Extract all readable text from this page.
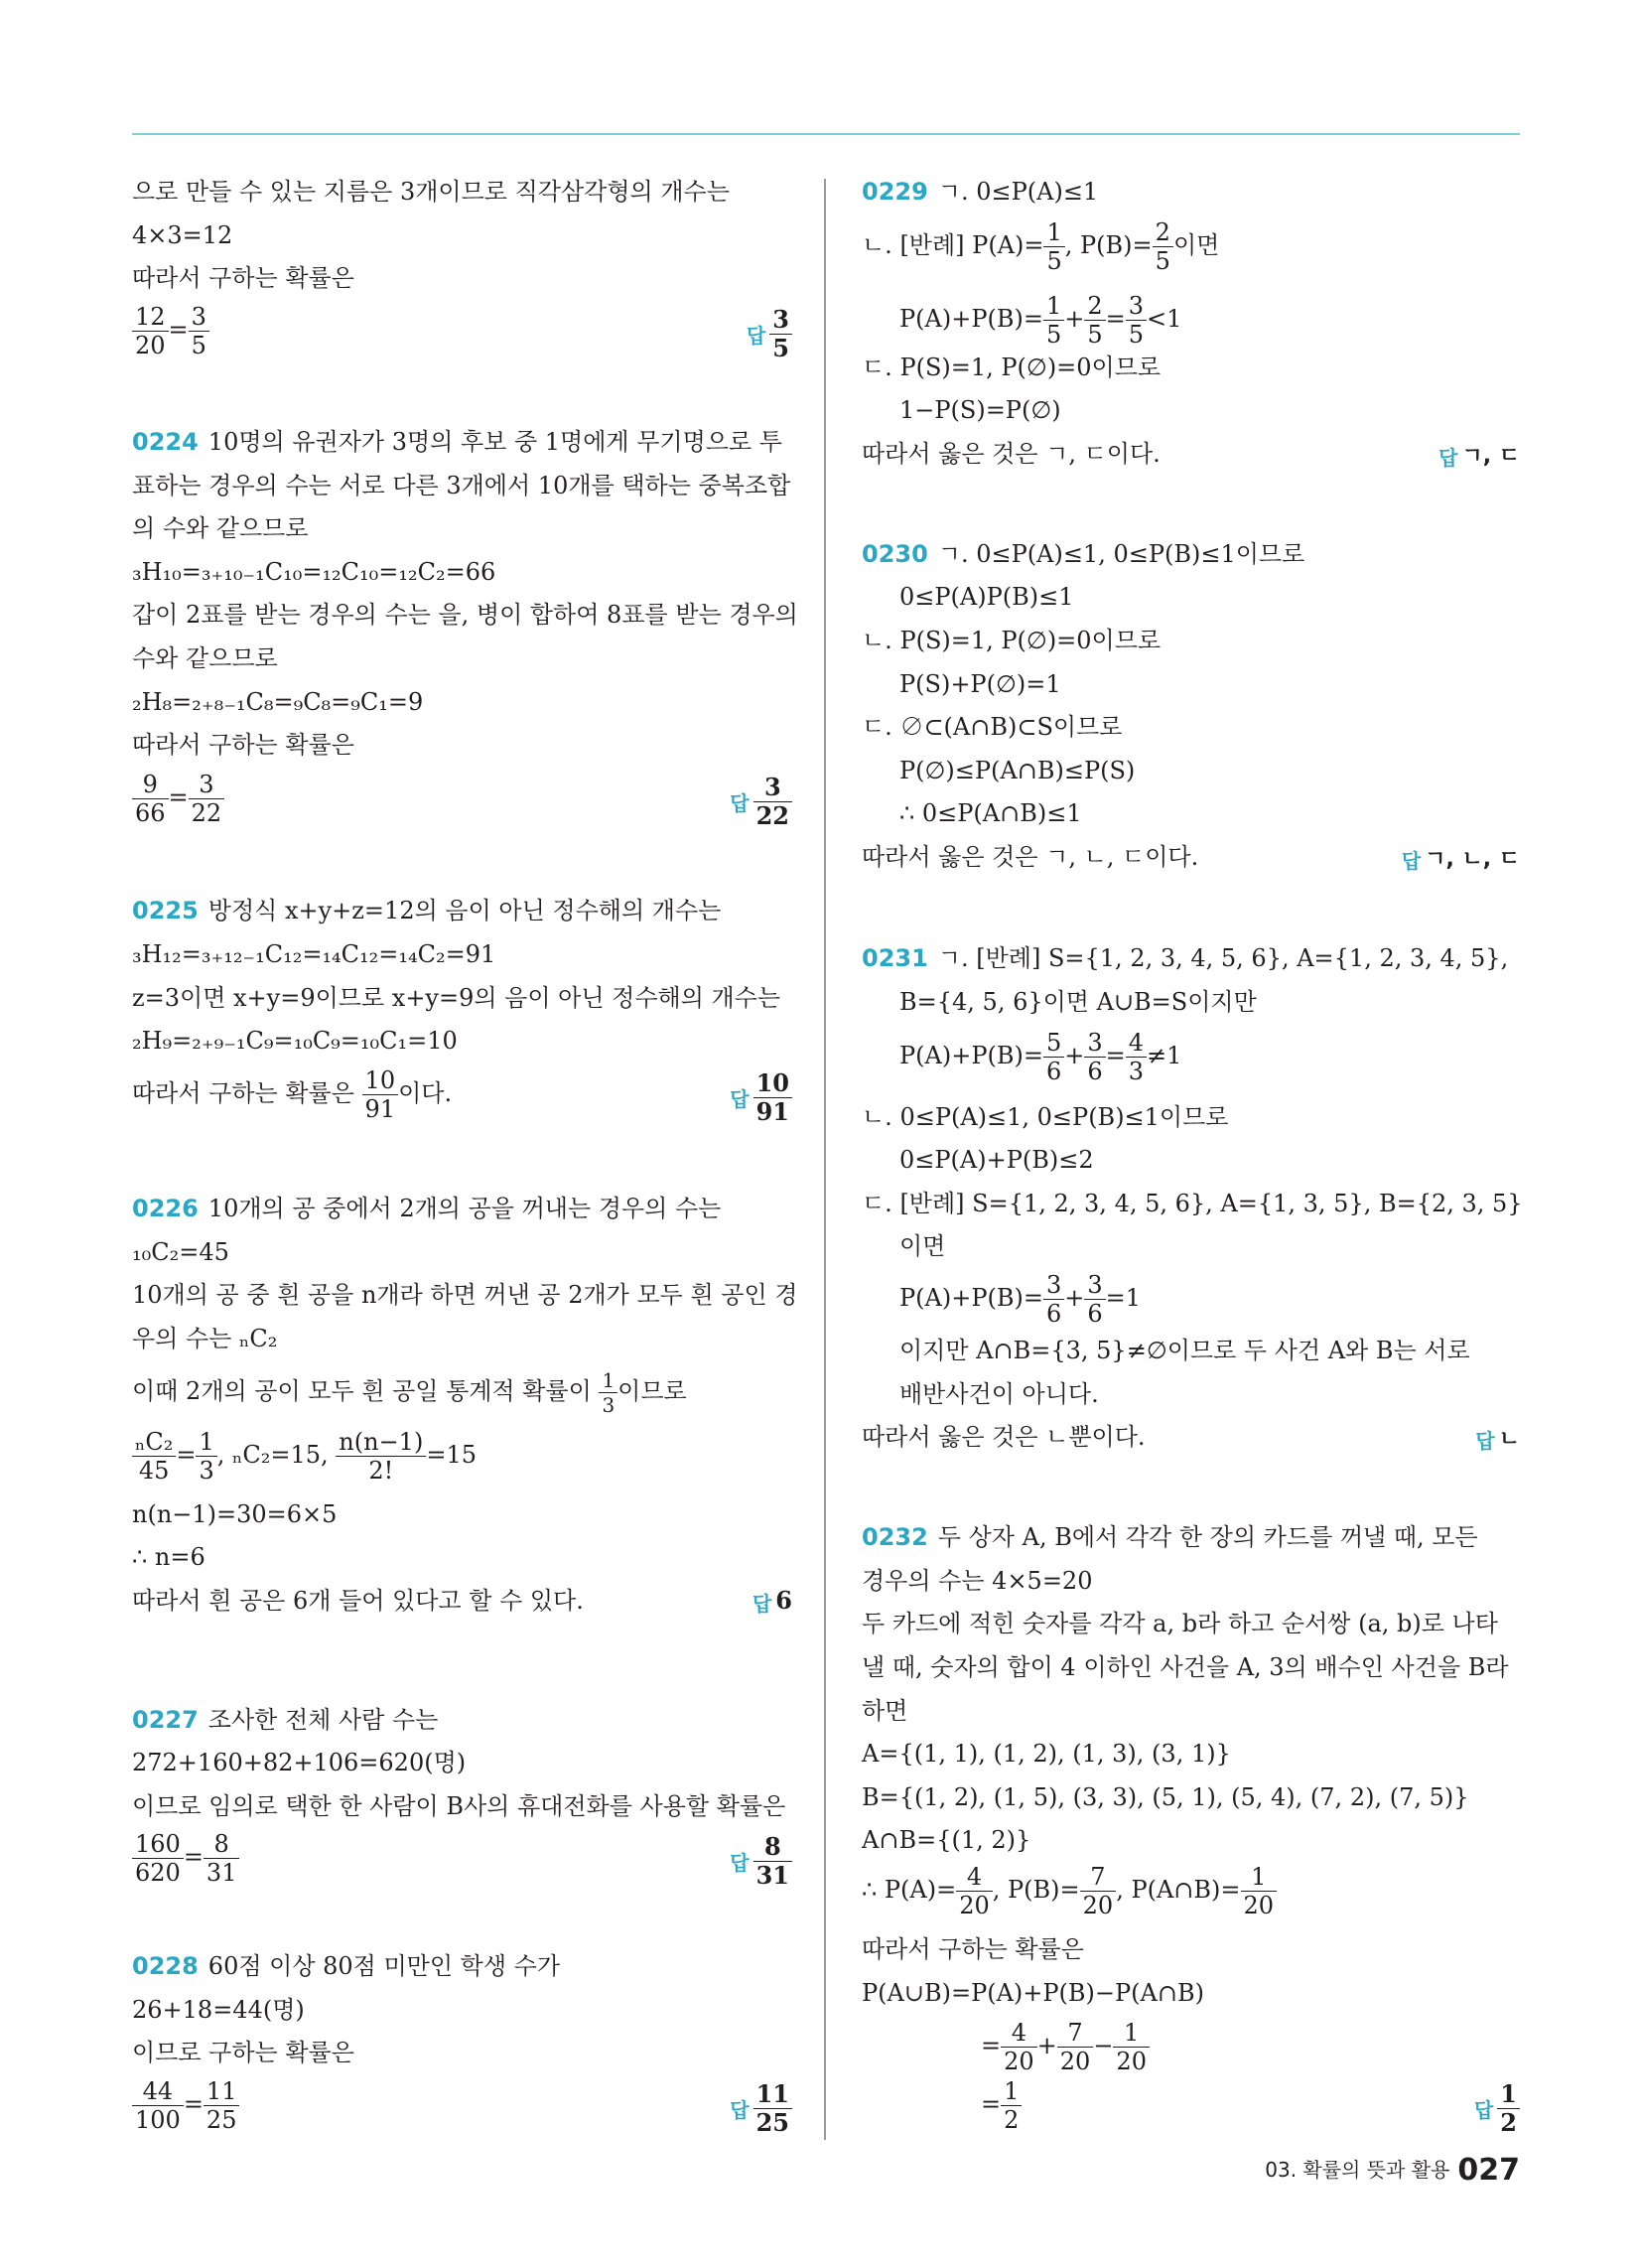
으로 만들 수 있는 지름은 3개이므로 직각삼각형의 개수는
4×3=12
따라서 구하는 확률은
$\frac{12}{20} = \frac{3}{5}$	답 $\frac{3}{5}$
0224 10명의 유권자가 3명의 후보 중 1명에게 무기명으로 투
표하는 경우의 수는 서로 다른 3개에서 10개를 택하는 중복조합
의 수와 같으므로
₃H₁₀=₃₊₁₀₋₁C₁₀=₁₂C₁₀=₁₂C₂=66
갑이 2표를 받는 경우의 수는 을, 병이 합하여 8표를 받는 경우의
수와 같으므로
₂H₈=₂₊₈₋₁C₈=₉C₈=₉C₁=9
따라서 구하는 확률은
$\frac{9}{66} = \frac{3}{22}$	답 $\frac{3}{22}$
0225 방정식 x+y+z=12의 음이 아닌 정수해의 개수는
₃H₁₂=₃₊₁₂₋₁C₁₂=₁₄C₁₂=₁₄C₂=91
z=3이면 x+y=9이므로 x+y=9의 음이 아닌 정수해의 개수는
₂H₉=₂₊₉₋₁C₉=₁₀C₉=₁₀C₁=10
따라서 구하는 확률은 $\frac{10}{91}$ 이다.	답 $\frac{10}{91}$
0226 10개의 공 중에서 2개의 공을 꺼내는 경우의 수는
₁₀C₂=45
10개의 공 중 흰 공을 n개라 하면 꺼낸 공 2개가 모두 흰 공인 경
우의 수는 ₙC₂
이때 2개의 공이 모두 흰 공일 통계적 확률이 $\frac{1}{3}$ 이므로
$\frac{\text{ₙC₂}}{45} = \frac{1}{3}$ , ₙC₂=15, $\frac{n(n-1)}{2!} =15$
n(n−1)=30=6×5
∴ n=6
따라서 흰 공은 6개 들어 있다고 할 수 있다.	답 6
0227 조사한 전체 사람 수는
272+160+82+106=620(명)
이므로 임의로 택한 한 사람이 B사의 휴대전화를 사용할 확률은
$\frac{160}{620} = \frac{8}{31}$	답 $\frac{8}{31}$
0228 60점 이상 80점 미만인 학생 수가
26+18=44(명)
이므로 구하는 확률은
$\frac{44}{100} = \frac{11}{25}$	답 $\frac{11}{25}$
0229 ㄱ. 0≤P(A)≤1
ㄴ. [반례] $P(A)= \frac{1}{5}$ , $P(B)= \frac{2}{5}$ 이면
$P(A)+P(B)= \frac{1}{5} + \frac{2}{5} = \frac{3}{5} <1$
ㄷ. P(S)=1, P(∅)=0이므로
1−P(S)=P(∅)
따라서 옳은 것은 ㄱ, ㄷ이다.	답 ㄱ, ㄷ
0230 ㄱ. 0≤P(A)≤1, 0≤P(B)≤1이므로
0≤P(A)P(B)≤1
ㄴ. P(S)=1, P(∅)=0이므로
P(S)+P(∅)=1
ㄷ. ∅⊂(A∩B)⊂S이므로
P(∅)≤P(A∩B)≤P(S)
∴ 0≤P(A∩B)≤1
따라서 옳은 것은 ㄱ, ㄴ, ㄷ이다.	답 ㄱ, ㄴ, ㄷ
0231 ㄱ. [반례] S={1, 2, 3, 4, 5, 6}, A={1, 2, 3, 4, 5},
B={4, 5, 6}이면 A∪B=S이지만
$P(A)+P(B)= \frac{5}{6} + \frac{3}{6} = \frac{4}{3} \ne 1$
ㄴ. 0≤P(A)≤1, 0≤P(B)≤1이므로
0≤P(A)+P(B)≤2
ㄷ. [반례] S={1, 2, 3, 4, 5, 6}, A={1, 3, 5}, B={2, 3, 5}
이면
$P(A)+P(B)= \frac{3}{6} + \frac{3}{6} =1$
이지만 A∩B={3, 5}≠∅이므로 두 사건 A와 B는 서로
배반사건이 아니다.
따라서 옳은 것은 ㄴ뿐이다.	답 ㄴ
0232 두 상자 A, B에서 각각 한 장의 카드를 꺼낼 때, 모든
경우의 수는 4×5=20
두 카드에 적힌 숫자를 각각 a, b라 하고 순서쌍 (a, b)로 나타
낼 때, 숫자의 합이 4 이하인 사건을 A, 3의 배수인 사건을 B라
하면
A={(1, 1), (1, 2), (1, 3), (3, 1)}
B={(1, 2), (1, 5), (3, 3), (5, 1), (5, 4), (7, 2), (7, 5)}
A∩B={(1, 2)}
∴ $P(A)= \frac{4}{20}$ , $P(B)= \frac{7}{20}$ , P(A∩B)= $\frac{1}{20}$
따라서 구하는 확률은
P(A∪B)=P(A)+P(B)−P(A∩B)
= $\frac{4}{20} + \frac{7}{20} - \frac{1}{20}$
= $\frac{1}{2}$	답 $\frac{1}{2}$
03. 확률의 뜻과 활용 027
